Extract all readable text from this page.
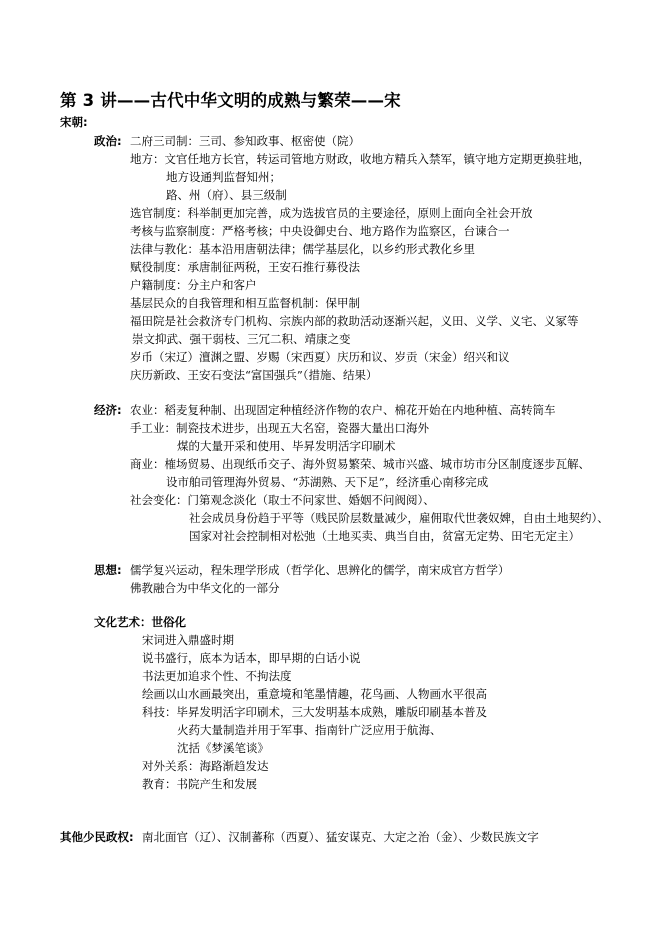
第 3 讲——古代中华文明的成熟与繁荣——宋
宋朝:
政治: 二府三司制：三司、参知政事、枢密使（院）
地方：文官任地方长官，转运司管地方财政，收地方精兵入禁军，镇守地方定期更换驻地，
地方设通判监督知州；
路、州（府）、县三级制
选官制度：科举制更加完善，成为选拔官员的主要途径，原则上面向全社会开放
考核与监察制度：严格考核；中央设御史台、地方路作为监察区，台谏合一
法律与教化：基本沿用唐朝法律；儒学基层化，以乡约形式教化乡里
赋役制度：承唐制征两税，王安石推行募役法
户籍制度：分主户和客户
基层民众的自我管理和相互监督机制：保甲制
福田院是社会救济专门机构、宗族内部的救助活动逐渐兴起，义田、义学、义宅、义冢等
崇文抑武、强干弱枝、三冗二积、靖康之变
岁币（宋辽）澶渊之盟、岁赐（宋西夏）庆历和议、岁贡（宋金）绍兴和议
庆历新政、王安石变法“富国强兵”（措施、结果）
经济: 农业：稻麦复种制、出现固定种植经济作物的农户、棉花开始在内地种植、高转筒车
手工业：制瓷技术进步，出现五大名窑，瓷器大量出口海外
煤的大量开采和使用、毕昇发明活字印刷术
商业：榷场贸易、出现纸币交子、海外贸易繁荣、城市兴盛、城市坊市分区制度逐步瓦解、
设市舶司管理海外贸易、“苏湖熟、天下足”，经济重心南移完成
社会变化：门第观念淡化（取士不问家世、婚姻不问阀阅）、
社会成员身份趋于平等（贱民阶层数量减少，雇佣取代世袭奴婢，自由土地契约）、
国家对社会控制相对松弛（土地买卖、典当自由，贫富无定势、田宅无定主）
思想: 儒学复兴运动，程朱理学形成（哲学化、思辨化的儒学，南宋成官方哲学）
佛教融合为中华文化的一部分
文化艺术：世俗化
宋词进入鼎盛时期
说书盛行，底本为话本，即早期的白话小说
书法更加追求个性、不拘法度
绘画以山水画最突出，重意境和笔墨情趣，花鸟画、人物画水平很高
科技：毕昇发明活字印刷术，三大发明基本成熟，雕版印刷基本普及
火药大量制造并用于军事、指南针广泛应用于航海、
沈括《梦溪笔谈》
对外关系：海路渐趋发达
教育：书院产生和发展
其他少民政权: 南北面官（辽）、汉制蕃称（西夏）、猛安谋克、大定之治（金）、少数民族文字
